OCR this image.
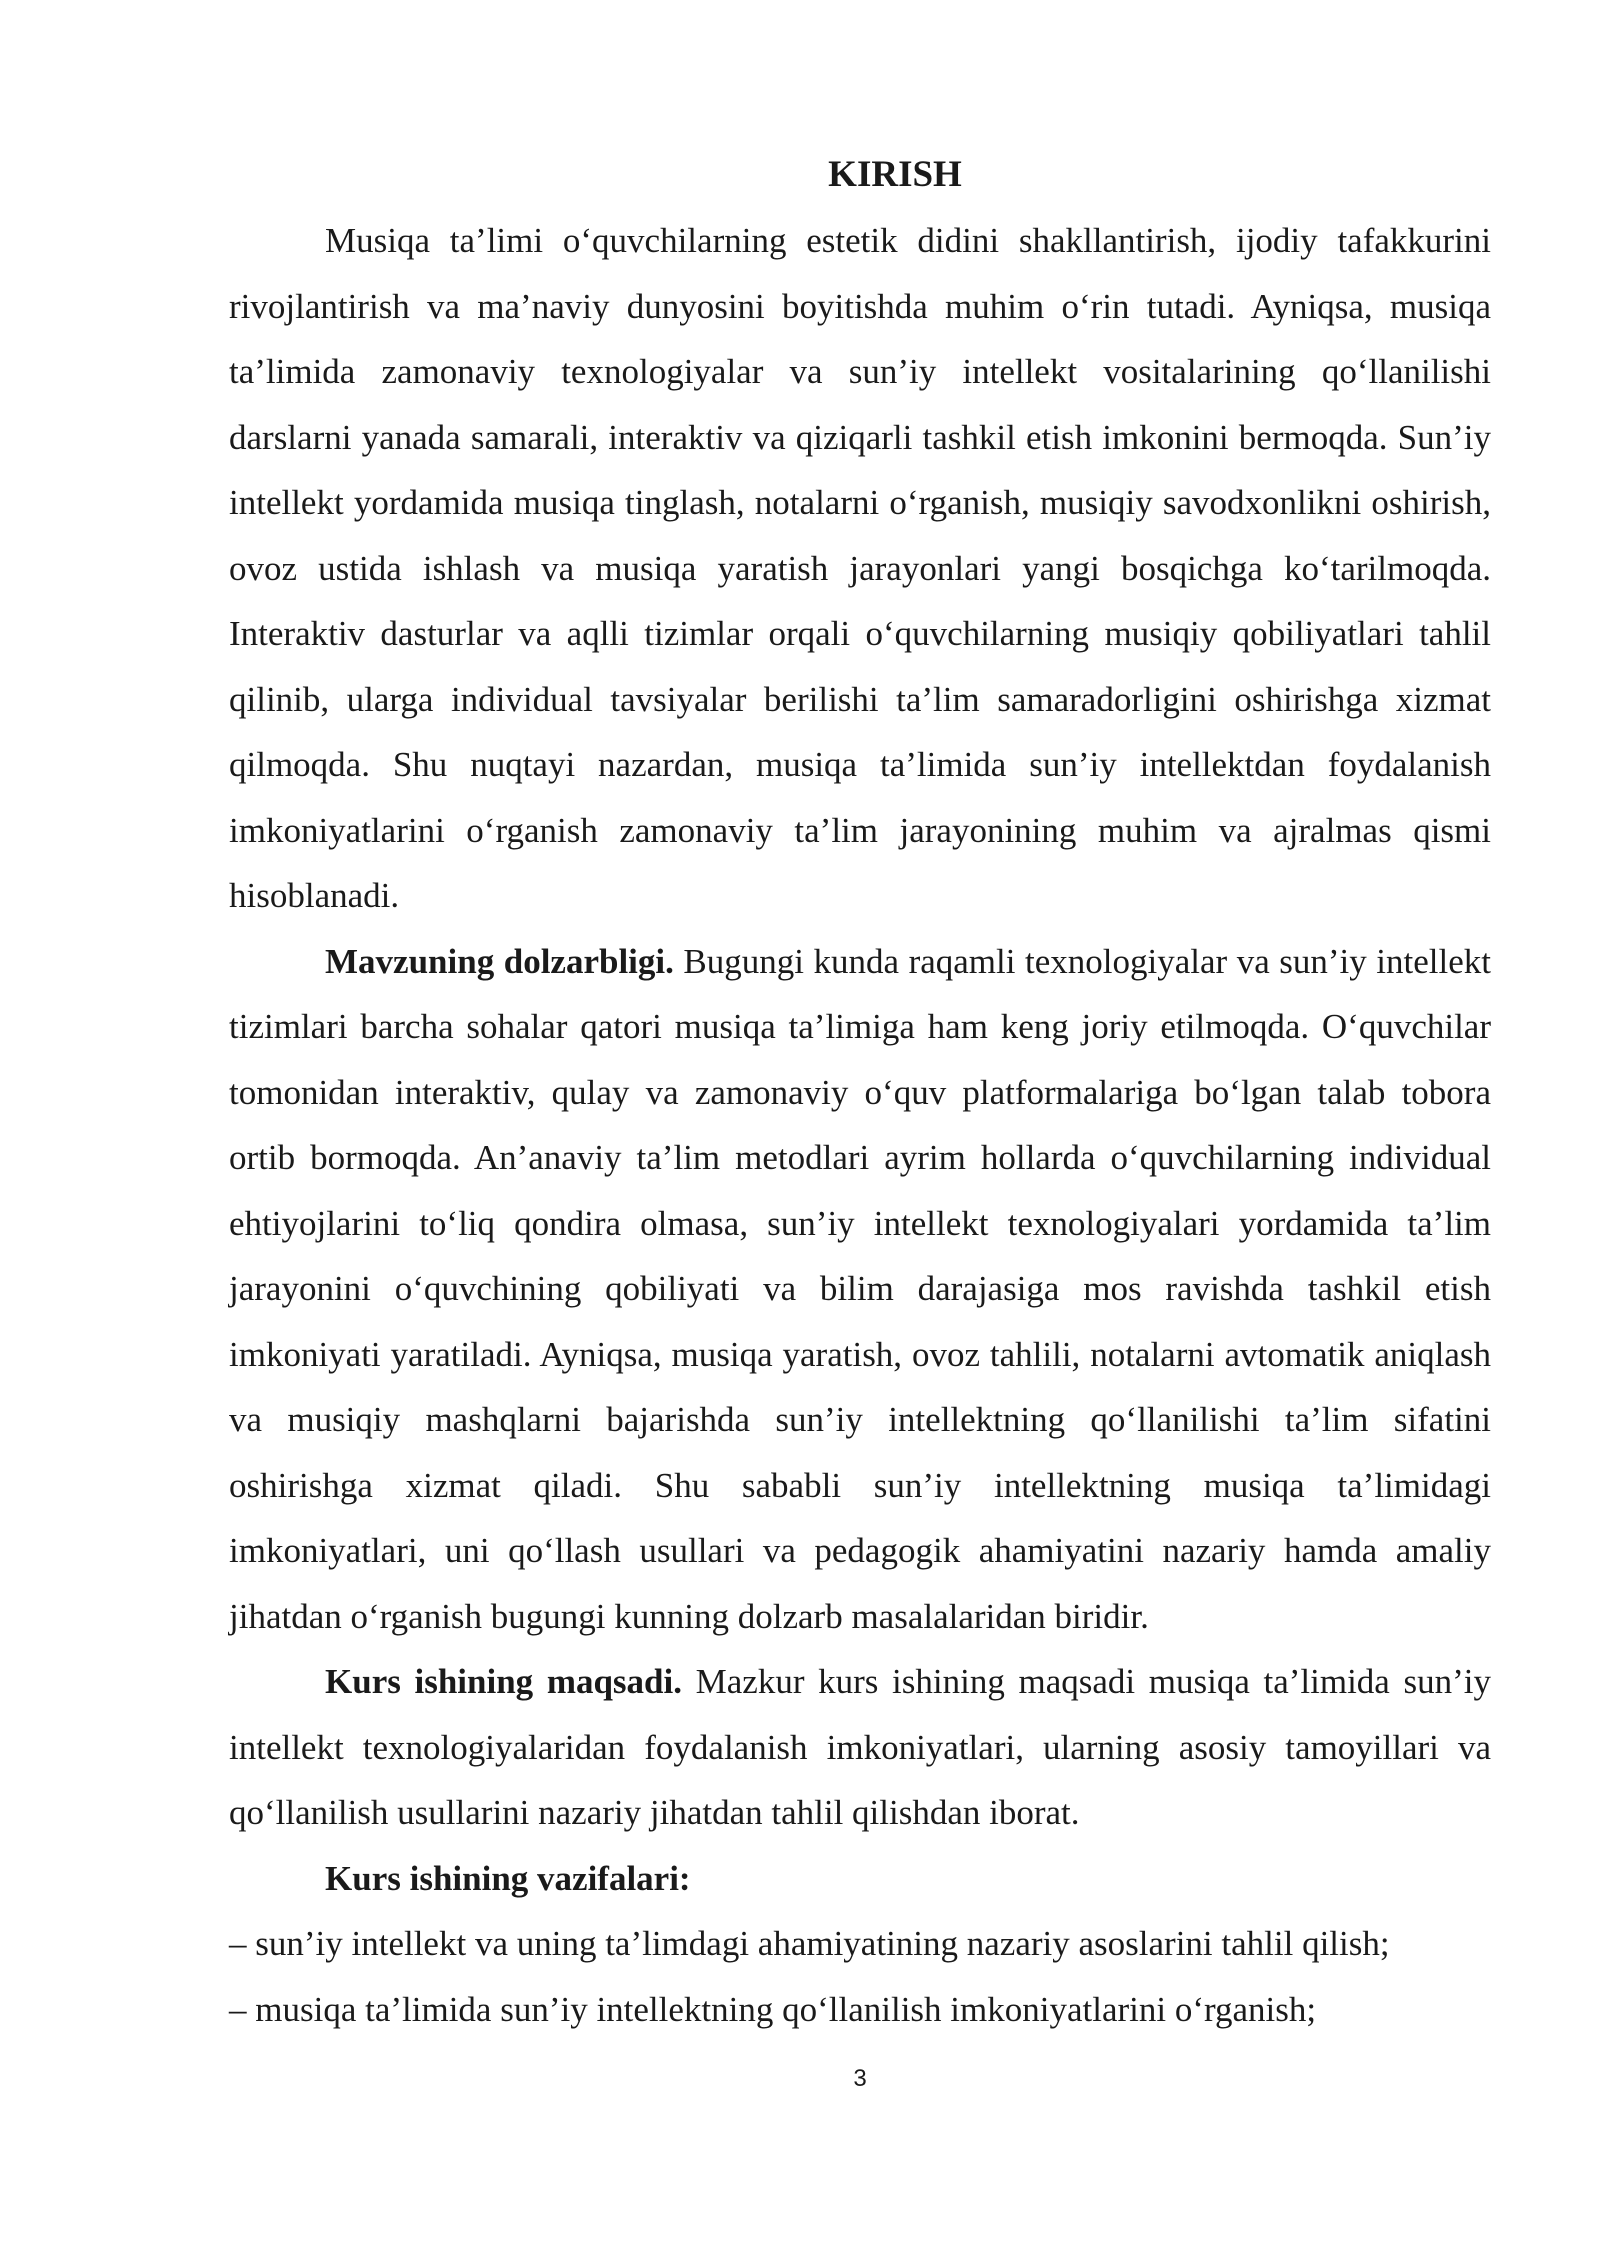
KIRISH

Musiqa ta’limi o‘quvchilarning estetik didini shakllantirish, ijodiy tafakkurini rivojlantirish va ma’naviy dunyosini boyitishda muhim o‘rin tutadi. Ayniqsa, musiqa ta’limida zamonaviy texnologiyalar va sun’iy intellekt vositalarining qo‘llanilishi darslarni yanada samarali, interaktiv va qiziqarli tashkil etish imkonini bermoqda. Sun’iy intellekt yordamida musiqa tinglash, notalarni o‘rganish, musiqiy savodxonlikni oshirish, ovoz ustida ishlash va musiqa yaratish jarayonlari yangi bosqichga ko‘tarilmoqda. Interaktiv dasturlar va aqlli tizimlar orqali o‘quvchilarning musiqiy qobiliyatlari tahlil qilinib, ularga individual tavsiyalar berilishi ta’lim samaradorligini oshirishga xizmat qilmoqda. Shu nuqtayi nazardan, musiqa ta’limida sun’iy intellektdan foydalanish imkoniyatlarini o‘rganish zamonaviy ta’lim jarayonining muhim va ajralmas qismi hisoblanadi.

Mavzuning dolzarbligi. Bugungi kunda raqamli texnologiyalar va sun’iy intellekt tizimlari barcha sohalar qatori musiqa ta’limiga ham keng joriy etilmoqda. O‘quvchilar tomonidan interaktiv, qulay va zamonaviy o‘quv platformalariga bo‘lgan talab tobora ortib bormoqda. An’anaviy ta’lim metodlari ayrim hollarda o‘quvchilarning individual ehtiyojlarini to‘liq qondira olmasa, sun’iy intellekt texnologiyalari yordamida ta’lim jarayonini o‘quvchining qobiliyati va bilim darajasiga mos ravishda tashkil etish imkoniyati yaratiladi. Ayniqsa, musiqa yaratish, ovoz tahlili, notalarni avtomatik aniqlash va musiqiy mashqlarni bajarishda sun’iy intellektning qo‘llanilishi ta’lim sifatini oshirishga xizmat qiladi. Shu sababli sun’iy intellektning musiqa ta’limidagi imkoniyatlari, uni qo‘llash usullari va pedagogik ahamiyatini nazariy hamda amaliy jihatdan o‘rganish bugungi kunning dolzarb masalalaridan biridir.

Kurs ishining maqsadi. Mazkur kurs ishining maqsadi musiqa ta’limida sun’iy intellekt texnologiyalaridan foydalanish imkoniyatlari, ularning asosiy tamoyillari va qo‘llanilish usullarini nazariy jihatdan tahlil qilishdan iborat.

Kurs ishining vazifalari:

– sun’iy intellekt va uning ta’limdagi ahamiyatining nazariy asoslarini tahlil qilish;
– musiqa ta’limida sun’iy intellektning qo‘llanilish imkoniyatlarini o‘rganish;
3
